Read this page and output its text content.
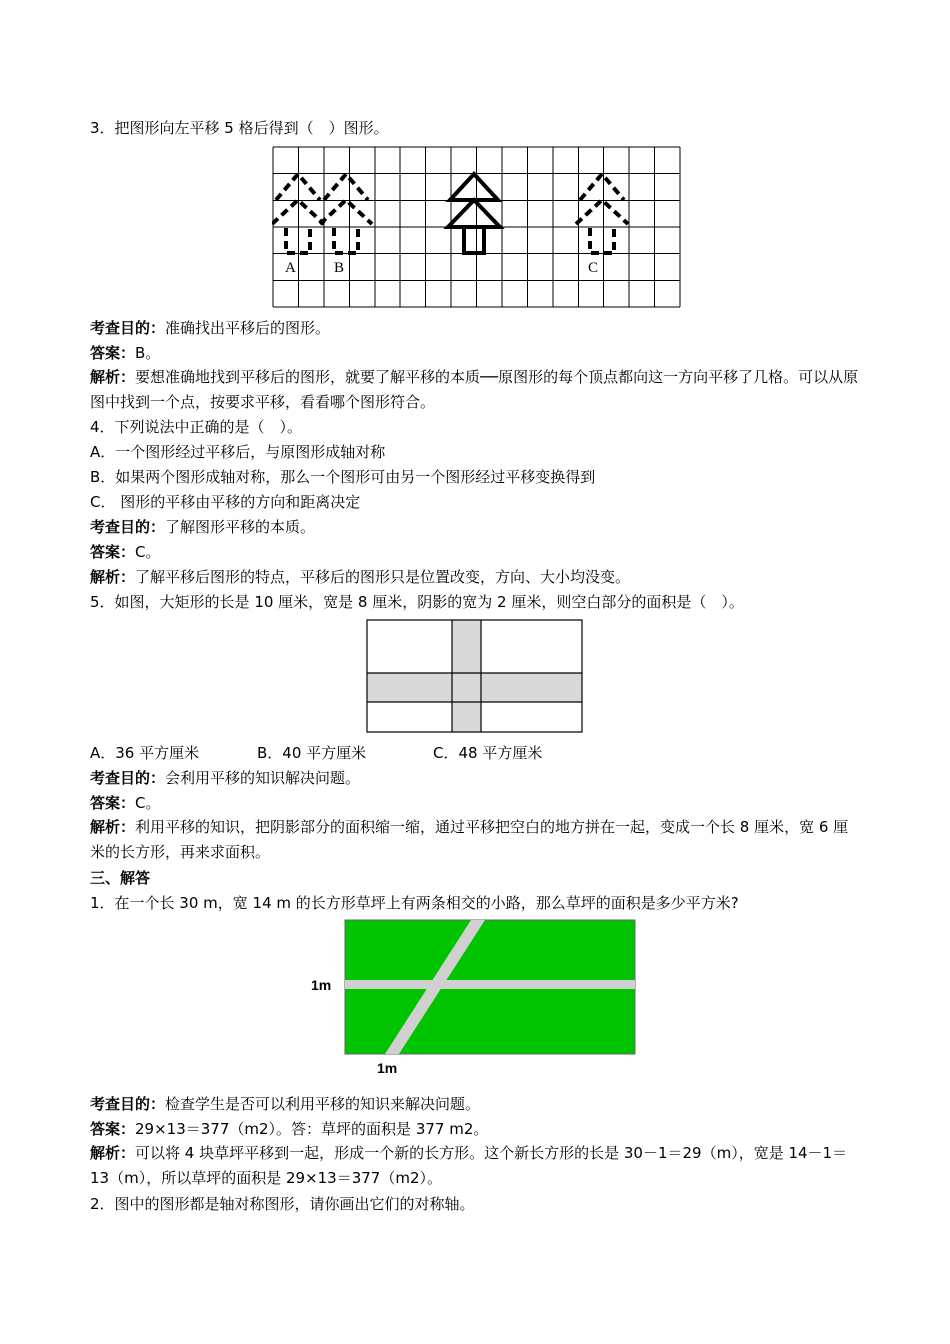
3．把图形向左平移 5 格后得到（　）图形。
A	B	C
考查目的：准确找出平移后的图形。
答案：B。
解析：要想准确地找到平移后的图形，就要了解平移的本质──原图形的每个顶点都向这一方向平移了几格。可以从原图中找到一个点，按要求平移，看看哪个图形符合。
4．下列说法中正确的是（　）。
A．一个图形经过平移后，与原图形成轴对称
B．如果两个图形成轴对称，那么一个图形可由另一个图形经过平移变换得到
C． 图形的平移由平移的方向和距离决定
考查目的：了解图形平移的本质。
答案：C。
解析：了解平移后图形的特点，平移后的图形只是位置改变，方向、大小均没变。
5．如图，大矩形的长是 10 厘米，宽是 8 厘米，阴影的宽为 2 厘米，则空白部分的面积是（　）。
A．36 平方厘米	B．40 平方厘米	C．48 平方厘米
考查目的：会利用平移的知识解决问题。
答案：C。
解析：利用平移的知识，把阴影部分的面积缩一缩，通过平移把空白的地方拼在一起，变成一个长 8 厘米，宽 6 厘米的长方形，再来求面积。
三、解答
1．在一个长 30 m，宽 14 m 的长方形草坪上有两条相交的小路，那么草坪的面积是多少平方米?
1m
1m
考查目的：检查学生是否可以利用平移的知识来解决问题。
答案：29×13＝377（m2）。答：草坪的面积是 377 m2。
解析：可以将 4 块草坪平移到一起，形成一个新的长方形。这个新长方形的长是 30－1＝29（m），宽是 14－1＝13（m），所以草坪的面积是 29×13＝377（m2）。
2．图中的图形都是轴对称图形，请你画出它们的对称轴。
